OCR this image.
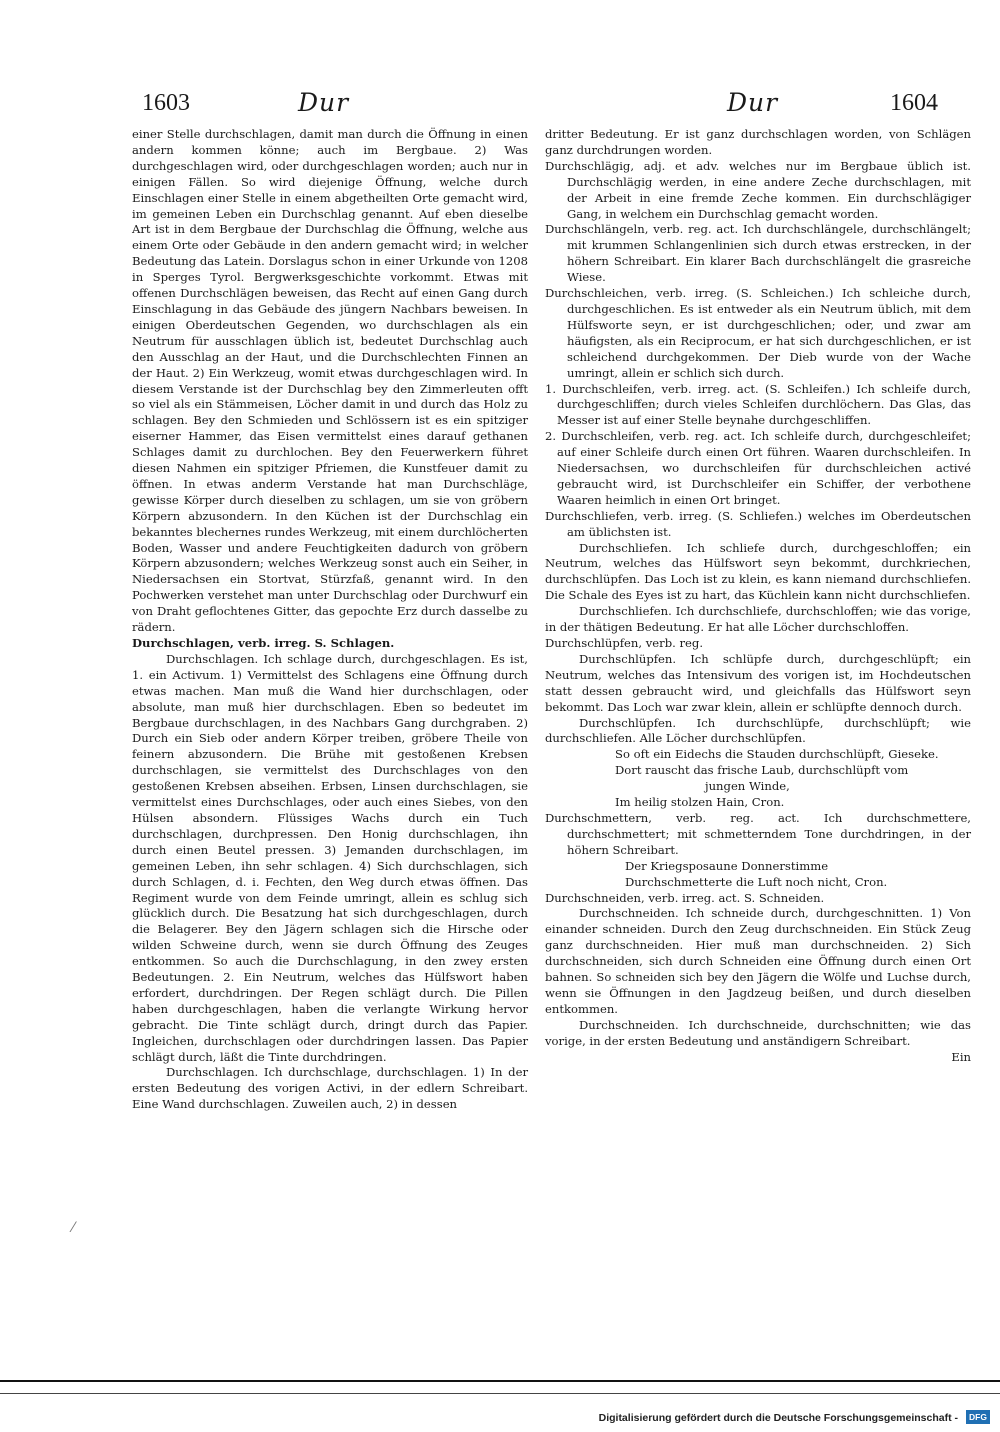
1603	Dur	Dur	1604

einer Stelle durchschlagen, damit man durch die Öffnung in einen andern kommen könne; auch im Bergbaue. 2) Was durchgeschlagen wird, oder durchgeschlagen worden; auch nur in einigen Fällen. So wird diejenige Öffnung, welche durch Einschlagen einer Stelle in einem abgetheilten Orte gemacht wird, im gemeinen Leben ein Durchschlag genannt. Auf eben dieselbe Art ist in dem Bergbaue der Durchschlag die Öffnung, welche aus einem Orte oder Gebäude in den andern gemacht wird; in welcher Bedeutung das Latein. Dorslagus schon in einer Urkunde von 1208 in Sperges Tyrol. Bergwerksgeschichte vorkommt. Etwas mit offenen Durchschlägen beweisen, das Recht auf einen Gang durch Einschlagung in das Gebäude des jüngern Nachbars beweisen. In einigen Oberdeutschen Gegenden, wo durchschlagen als ein Neutrum für ausschlagen üblich ist, bedeutet Durchschlag auch den Ausschlag an der Haut, und die Durchschlechten Finnen an der Haut. 2) Ein Werkzeug, womit etwas durchgeschlagen wird. In diesem Verstande ist der Durchschlag bey den Zimmerleuten offt so viel als ein Stämmeisen, Löcher damit in und durch das Holz zu schlagen. Bey den Schmieden und Schlössern ist es ein spitziger eiserner Hammer, das Eisen vermittelst eines darauf gethanen Schlages damit zu durchlochen. Bey den Feuerwerkern führet diesen Nahmen ein spitziger Pfriemen, die Kunstfeuer damit zu öffnen. In etwas anderm Verstande hat man Durchschläge, gewisse Körper durch dieselben zu schlagen, um sie von gröbern Körpern abzusondern. In den Küchen ist der Durchschlag ein bekanntes blechernes rundes Werkzeug, mit einem durchlöcherten Boden, Wasser und andere Feuchtigkeiten dadurch von gröbern Körpern abzusondern; welches Werkzeug sonst auch ein Seiher, in Niedersachsen ein Stortvat, Stürzfaß, genannt wird. In den Pochwerken verstehet man unter Durchschlag oder Durchwurf ein von Draht geflochtenes Gitter, das gepochte Erz durch dasselbe zu rädern.

Durchschlagen, verb. irreg. S. Schlagen.

Durchschlagen. Ich schlage durch, durchgeschlagen. Es ist, 1. ein Activum. 1) Vermittelst des Schlagens eine Öffnung durch etwas machen. Man muß die Wand hier durchschlagen, oder absolute, man muß hier durchschlagen. Eben so bedeutet im Bergbaue durchschlagen, in des Nachbars Gang durchgraben. 2) Durch ein Sieb oder andern Körper treiben, gröbere Theile von feinern abzusondern. Die Brühe mit gestoßenen Krebsen durchschlagen, sie vermittelst des Durchschlages von den gestoßenen Krebsen abseihen. Erbsen, Linsen durchschlagen, sie vermittelst eines Durchschlages, oder auch eines Siebes, von den Hülsen absondern. Flüssiges Wachs durch ein Tuch durchschlagen, durchpressen. Den Honig durchschlagen, ihn durch einen Beutel pressen. 3) Jemanden durchschlagen, im gemeinen Leben, ihn sehr schlagen. 4) Sich durchschlagen, sich durch Schlagen, d. i. Fechten, den Weg durch etwas öffnen. Das Regiment wurde von dem Feinde umringt, allein es schlug sich glücklich durch. Die Besatzung hat sich durchgeschlagen, durch die Belagerer. Bey den Jägern schlagen sich die Hirsche oder wilden Schweine durch, wenn sie durch Öffnung des Zeuges entkommen. So auch die Durchschlagung, in den zwey ersten Bedeutungen. 2. Ein Neutrum, welches das Hülfswort haben erfordert, durchdringen. Der Regen schlägt durch. Die Pillen haben durchgeschlagen, haben die verlangte Wirkung hervor gebracht. Die Tinte schlägt durch, dringt durch das Papier. Ingleichen, durchschlagen oder durchdringen lassen. Das Papier schlägt durch, läßt die Tinte durchdringen.

Durchschlagen. Ich durchschlage, durchschlagen. 1) In der ersten Bedeutung des vorigen Activi, in der edlern Schreibart. Eine Wand durchschlagen. Zuweilen auch, 2) in dessen

dritter Bedeutung. Er ist ganz durchschlagen worden, von Schlägen ganz durchdrungen worden.

Durchschlägig, adj. et adv. welches nur im Bergbaue üblich ist. Durchschlägig werden, in eine andere Zeche durchschlagen, mit der Arbeit in eine fremde Zeche kommen. Ein durchschlägiger Gang, in welchem ein Durchschlag gemacht worden.

Durchschlängeln, verb. reg. act. Ich durchschlängele, durchschlängelt; mit krummen Schlangenlinien sich durch etwas erstrecken, in der höhern Schreibart. Ein klarer Bach durchschlängelt die grasreiche Wiese.

Durchschleichen, verb. irreg. (S. Schleichen.) Ich schleiche durch, durchgeschlichen. Es ist entweder als ein Neutrum üblich, mit dem Hülfsworte seyn, er ist durchgeschlichen; oder, und zwar am häufigsten, als ein Reciprocum, er hat sich durchgeschlichen, er ist schleichend durchgekommen. Der Dieb wurde von der Wache umringt, allein er schlich sich durch.

1. Durchschleifen, verb. irreg. act. (S. Schleifen.) Ich schleife durch, durchgeschliffen; durch vieles Schleifen durchlöchern. Das Glas, das Messer ist auf einer Stelle beynahe durchgeschliffen.

2. Durchschleifen, verb. reg. act. Ich schleife durch, durchgeschleifet; auf einer Schleife durch einen Ort führen. Waaren durchschleifen. In Niedersachsen, wo durchschleifen für durchschleichen activé gebraucht wird, ist Durchschleifer ein Schiffer, der verbothene Waaren heimlich in einen Ort bringet.

Durchschliefen, verb. irreg. (S. Schliefen.) welches im Oberdeutschen am üblichsten ist.

Durchschliefen. Ich schliefe durch, durchgeschloffen; ein Neutrum, welches das Hülfswort seyn bekommt, durchkriechen, durchschlüpfen. Das Loch ist zu klein, es kann niemand durchschliefen. Die Schale des Eyes ist zu hart, das Küchlein kann nicht durchschliefen.

Durchschliefen. Ich durchschliefe, durchschloffen; wie das vorige, in der thätigen Bedeutung. Er hat alle Löcher durchschloffen.

Durchschlüpfen, verb. reg.

Durchschlüpfen. Ich schlüpfe durch, durchgeschlüpft; ein Neutrum, welches das Intensivum des vorigen ist, im Hochdeutschen statt dessen gebraucht wird, und gleichfalls das Hülfswort seyn bekommt. Das Loch war zwar klein, allein er schlüpfte dennoch durch.

Durchschlüpfen. Ich durchschlüpfe, durchschlüpft; wie durchschliefen. Alle Löcher durchschlüpfen.

So oft ein Eidechs die Stauden durchschlüpft, Gieseke.

Dort rauscht das frische Laub, durchschlüpft vom

jungen Winde,

Im heilig stolzen Hain, Cron.

Durchschmettern, verb. reg. act. Ich durchschmettere, durchschmettert; mit schmetterndem Tone durchdringen, in der höhern Schreibart.

Der Kriegsposaune Donnerstimme

Durchschmetterte die Luft noch nicht, Cron.

Durchschneiden, verb. irreg. act. S. Schneiden.

Durchschneiden. Ich schneide durch, durchgeschnitten. 1) Von einander schneiden. Durch den Zeug durchschneiden. Ein Stück Zeug ganz durchschneiden. Hier muß man durchschneiden. 2) Sich durchschneiden, sich durch Schneiden eine Öffnung durch einen Ort bahnen. So schneiden sich bey den Jägern die Wölfe und Luchse durch, wenn sie Öffnungen in den Jagdzeug beißen, und durch dieselben entkommen.

Durchschneiden. Ich durchschneide, durchschnitten; wie das vorige, in der ersten Bedeutung und anständigern Schreibart.

Ein

⁄
Digitalisierung gefördert durch die Deutsche Forschungsgemeinschaft -	DFG
